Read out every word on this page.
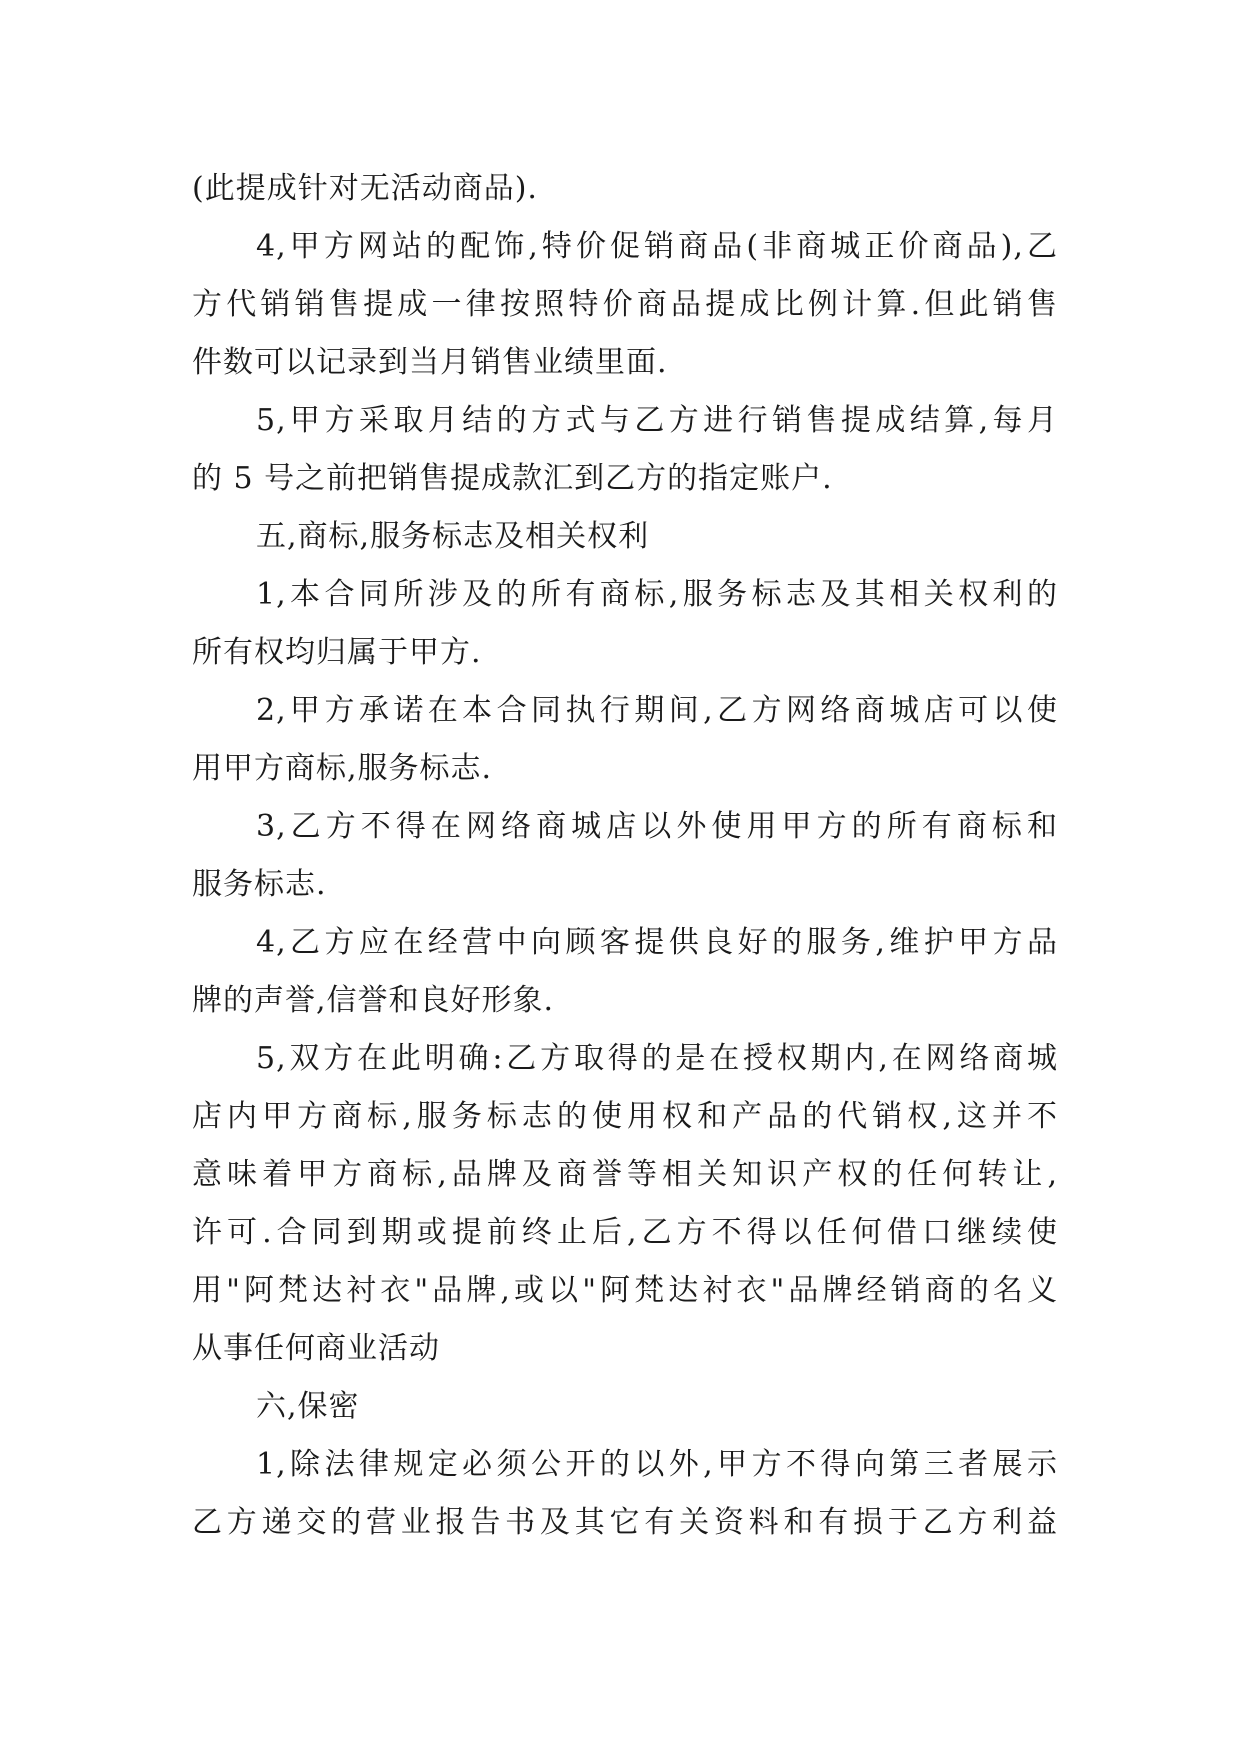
(此提成针对无活动商品).
4,甲方网站的配饰,特价促销商品(非商城正价商品),乙
方代销销售提成一律按照特价商品提成比例计算.但此销售
件数可以记录到当月销售业绩里面.
5,甲方采取月结的方式与乙方进行销售提成结算,每月
的 5 号之前把销售提成款汇到乙方的指定账户.
五,商标,服务标志及相关权利
1,本合同所涉及的所有商标,服务标志及其相关权利的
所有权均归属于甲方.
2,甲方承诺在本合同执行期间,乙方网络商城店可以使
用甲方商标,服务标志.
3,乙方不得在网络商城店以外使用甲方的所有商标和
服务标志.
4,乙方应在经营中向顾客提供良好的服务,维护甲方品
牌的声誉,信誉和良好形象.
5,双方在此明确:乙方取得的是在授权期内,在网络商城
店内甲方商标,服务标志的使用权和产品的代销权,这并不
意味着甲方商标,品牌及商誉等相关知识产权的任何转让,
许可.合同到期或提前终止后,乙方不得以任何借口继续使
用"阿梵达衬衣"品牌,或以"阿梵达衬衣"品牌经销商的名义
从事任何商业活动
六,保密
1,除法律规定必须公开的以外,甲方不得向第三者展示
乙方递交的营业报告书及其它有关资料和有损于乙方利益
